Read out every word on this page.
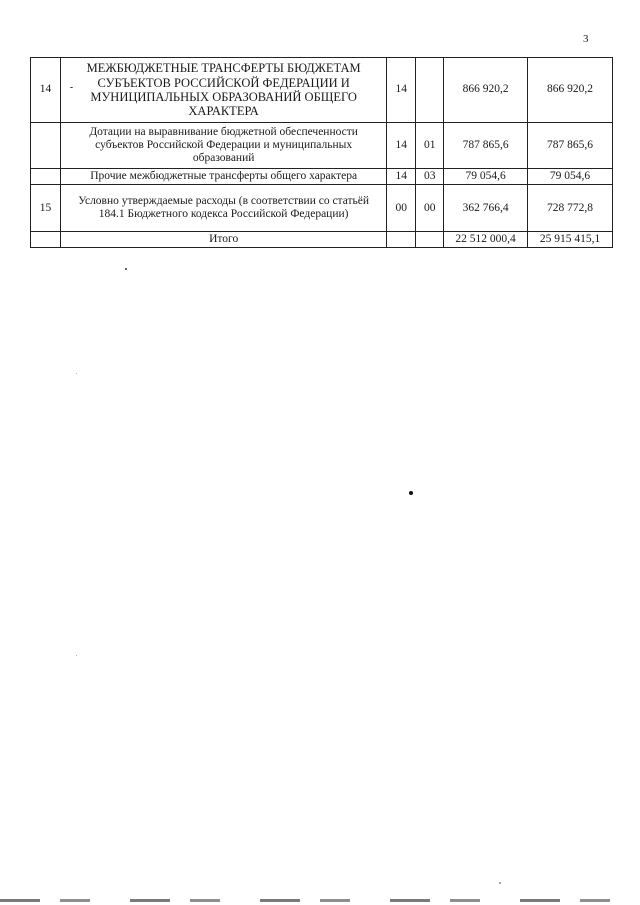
3
14	МЕЖБЮДЖЕТНЫЕ ТРАНСФЕРТЫ БЮДЖЕТАМ СУБЪЕКТОВ РОССИЙСКОЙ ФЕДЕРАЦИИ И МУНИЦИПАЛЬНЫХ ОБРАЗОВАНИЙ ОБЩЕГО ХАРАКТЕРА	14		866 920,2	866 920,2
	Дотации на выравнивание бюджетной обеспеченности субъектов Российской Федерации и муниципальных образований	14	01	787 865,6	787 865,6
	Прочие межбюджетные трансферты общего характера	14	03	79 054,6	79 054,6
15	Условно утверждаемые расходы (в соответствии со статьёй 184.1 Бюджетного кодекса Российской Федерации)	00	00	362 766,4	728 772,8
	Итого			22 512 000,4	25 915 415,1
